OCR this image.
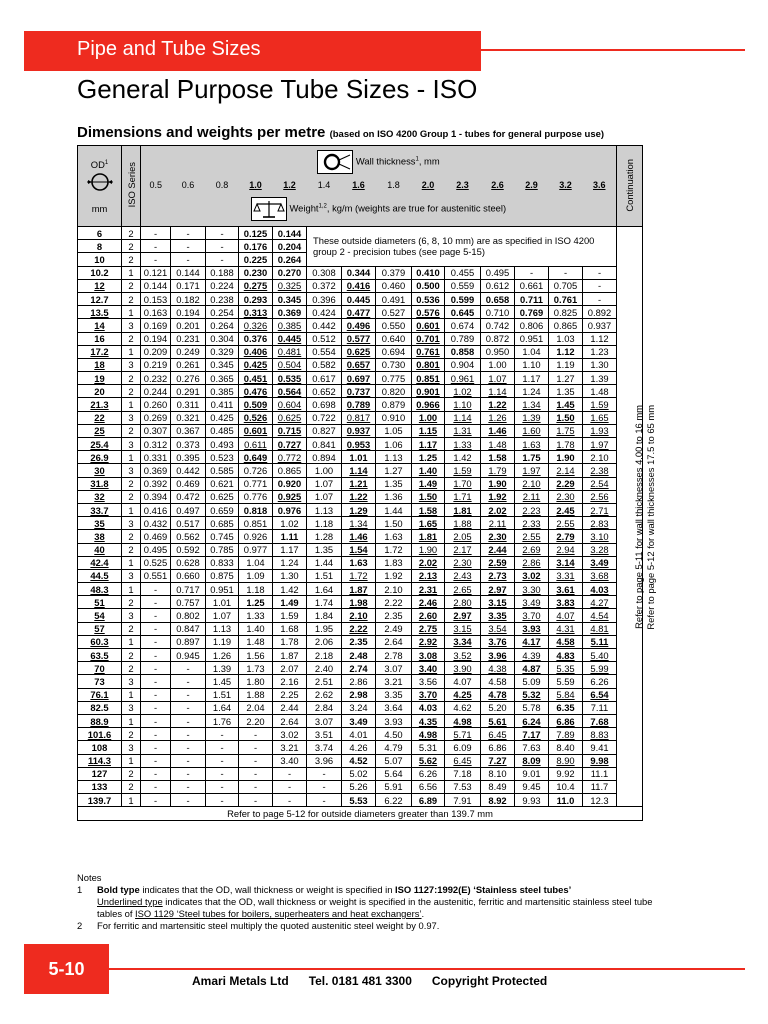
Pipe and Tube Sizes
General Purpose Tube Sizes - ISO
Dimensions and weights per metre (based on ISO 4200 Group 1 - tubes for general purpose use)
$OD^1$
mm	ISO Series	Wall thickness$^1$, mm														Continuation
		0.5	0.6	0.8	1.0	1.2	1.4	1.6	1.8	2.0	2.3	2.6	2.9	3.2	3.6	
		Weight$^{1,2}$, kg/m (weights are true for austenitic steel)														
6	2	-	-	-	0.125	0.144	These outside diameters (6, 8, 10 mm) are as specified in ISO 4200 group 2 - precision tubes (see page 5-15)									
8	2	-	-	-	0.176	0.204										
10	2	-	-	-	0.225	0.264										
10.2	1	0.121	0.144	0.188	0.230	0.270	0.308	0.344	0.379	0.410	0.455	0.495	-	-	-	
12	2	0.144	0.171	0.224	0.275	0.325	0.372	0.416	0.460	0.500	0.559	0.612	0.661	0.705	-	
12.7	2	0.153	0.182	0.238	0.293	0.345	0.396	0.445	0.491	0.536	0.599	0.658	0.711	0.761	-	
13.5	1	0.163	0.194	0.254	0.313	0.369	0.424	0.477	0.527	0.576	0.645	0.710	0.769	0.825	0.892	
14	3	0.169	0.201	0.264	0.326	0.385	0.442	0.496	0.550	0.601	0.674	0.742	0.806	0.865	0.937	
16	2	0.194	0.231	0.304	0.376	0.445	0.512	0.577	0.640	0.701	0.789	0.872	0.951	1.03	1.12	
17.2	1	0.209	0.249	0.329	0.406	0.481	0.554	0.625	0.694	0.761	0.858	0.950	1.04	1.12	1.23	
18	3	0.219	0.261	0.345	0.425	0.504	0.582	0.657	0.730	0.801	0.904	1.00	1.10	1.19	1.30	
19	2	0.232	0.276	0.365	0.451	0.535	0.617	0.697	0.775	0.851	0.961	1.07	1.17	1.27	1.39	
20	2	0.244	0.291	0.385	0.476	0.564	0.652	0.737	0.820	0.901	1.02	1.14	1.24	1.35	1.48	
21.3	1	0.260	0.311	0.411	0.509	0.604	0.698	0.789	0.879	0.966	1.10	1.22	1.34	1.45	1.59	
22	3	0.269	0.321	0.425	0.526	0.625	0.722	0.817	0.910	1.00	1.14	1.26	1.39	1.50	1.65	
25	2	0.307	0.367	0.485	0.601	0.715	0.827	0.937	1.05	1.15	1.31	1.46	1.60	1.75	1.93	
25.4	3	0.312	0.373	0.493	0.611	0.727	0.841	0.953	1.06	1.17	1.33	1.48	1.63	1.78	1.97	
26.9	1	0.331	0.395	0.523	0.649	0.772	0.894	1.01	1.13	1.25	1.42	1.58	1.75	1.90	2.10	
30	3	0.369	0.442	0.585	0.726	0.865	1.00	1.14	1.27	1.40	1.59	1.79	1.97	2.14	2.38	
31.8	2	0.392	0.469	0.621	0.771	0.920	1.07	1.21	1.35	1.49	1.70	1.90	2.10	2.29	2.54	
32	2	0.394	0.472	0.625	0.776	0.925	1.07	1.22	1.36	1.50	1.71	1.92	2.11	2.30	2.56	
33.7	1	0.416	0.497	0.659	0.818	0.976	1.13	1.29	1.44	1.58	1.81	2.02	2.23	2.45	2.71	
35	3	0.432	0.517	0.685	0.851	1.02	1.18	1.34	1.50	1.65	1.88	2.11	2.33	2.55	2.83	
38	2	0.469	0.562	0.745	0.926	1.11	1.28	1.46	1.63	1.81	2.05	2.30	2.55	2.79	3.10	
40	2	0.495	0.592	0.785	0.977	1.17	1.35	1.54	1.72	1.90	2.17	2.44	2.69	2.94	3.28	
42.4	1	0.525	0.628	0.833	1.04	1.24	1.44	1.63	1.83	2.02	2.30	2.59	2.86	3.14	3.49	
44.5	3	0.551	0.660	0.875	1.09	1.30	1.51	1.72	1.92	2.13	2.43	2.73	3.02	3.31	3.68	
48.3	1	-	0.717	0.951	1.18	1.42	1.64	1.87	2.10	2.31	2.65	2.97	3.30	3.61	4.03	
51	2	-	0.757	1.01	1.25	1.49	1.74	1.98	2.22	2.46	2.80	3.15	3.49	3.83	4.27	
54	3	-	0.802	1.07	1.33	1.59	1.84	2.10	2.35	2.60	2.97	3.35	3.70	4.07	4.54	
57	2	-	0.847	1.13	1.40	1.68	1.95	2.22	2.49	2.75	3.15	3.54	3.93	4.31	4.81	
60.3	1	-	0.897	1.19	1.48	1.78	2.06	2.35	2.64	2.92	3.34	3.76	4.17	4.58	5.11	
63.5	2	-	0.945	1.26	1.56	1.87	2.18	2.48	2.78	3.08	3.52	3.96	4.39	4.83	5.40	
70	2	-	-	1.39	1.73	2.07	2.40	2.74	3.07	3.40	3.90	4.38	4.87	5.35	5.99	
73	3	-	-	1.45	1.80	2.16	2.51	2.86	3.21	3.56	4.07	4.58	5.09	5.59	6.26	
76.1	1	-	-	1.51	1.88	2.25	2.62	2.98	3.35	3.70	4.25	4.78	5.32	5.84	6.54	
82.5	3	-	-	1.64	2.04	2.44	2.84	3.24	3.64	4.03	4.62	5.20	5.78	6.35	7.11	
88.9	1	-	-	1.76	2.20	2.64	3.07	3.49	3.93	4.35	4.98	5.61	6.24	6.86	7.68	
101.6	2	-	-	-	-	3.02	3.51	4.01	4.50	4.98	5.71	6.45	7.17	7.89	8.83	
108	3	-	-	-	-	3.21	3.74	4.26	4.79	5.31	6.09	6.86	7.63	8.40	9.41	
114.3	1	-	-	-	-	3.40	3.96	4.52	5.07	5.62	6.45	7.27	8.09	8.90	9.98	
127	2	-	-	-	-	-	-	5.02	5.64	6.26	7.18	8.10	9.01	9.92	11.1	
133	2	-	-	-	-	-	-	5.26	5.91	6.56	7.53	8.49	9.45	10.4	11.7	
139.7	1	-	-	-	-	-	-	5.53	6.22	6.89	7.91	8.92	9.93	11.0	12.3	
Refer to page 5-12 for outside diameters greater than 139.7 mm																
Refer to page 5-11 for wall thicknesses 4.00 to 16 mm Refer to page 5-12 for wall thicknesses 17.5 to 65 mm
Notes
1 Bold type indicates that the OD, wall thickness or weight is specified in ISO 1127:1992(E) ‘Stainless steel tubes’
Underlined type indicates that the OD, wall thickness or weight is specified in the austenitic, ferritic and martensitic stainless steel tube tables of ISO 1129 ‘Steel tubes for boilers, superheaters and heat exchangers’.
2 For ferritic and martensitic steel multiply the quoted austenitic steel weight by 0.97.
5-10
Amari Metals Ltd      Tel. 0181 481 3300      Copyright Protected
